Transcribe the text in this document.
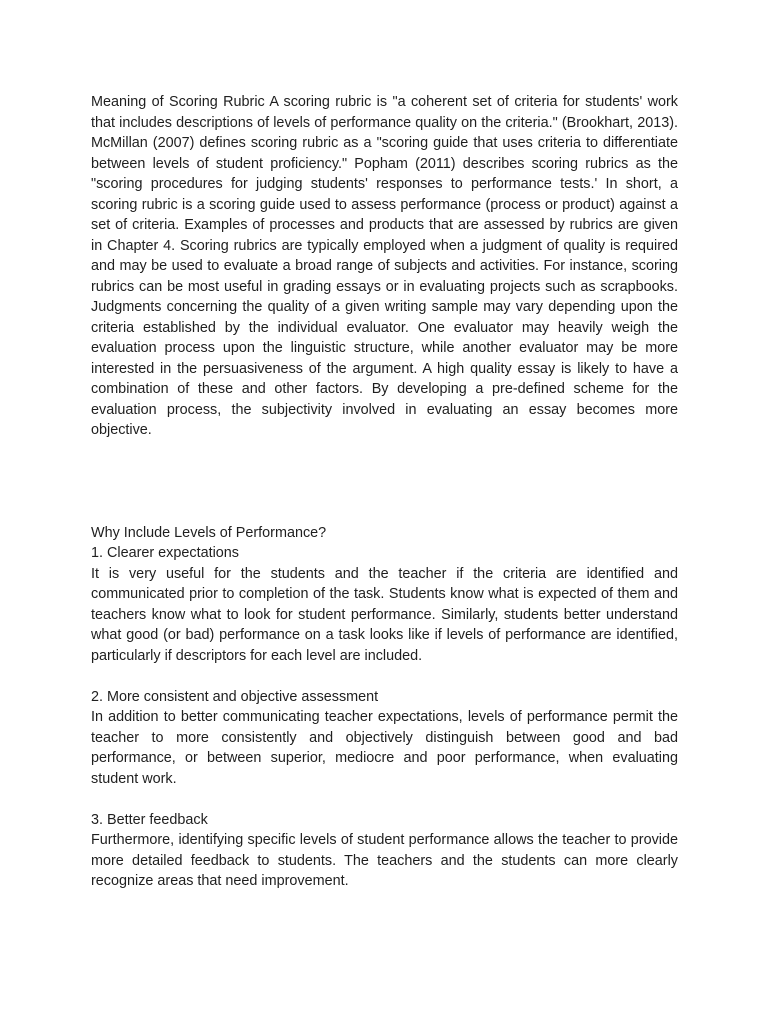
Meaning of Scoring Rubric A scoring rubric is "a coherent set of criteria for students' work that includes descriptions of levels of performance quality on the criteria." (Brookhart, 2013). McMillan (2007) defines scoring rubric as a "scoring guide that uses criteria to differentiate between levels of student proficiency." Popham (2011) describes scoring rubrics as the "scoring procedures for judging students' responses to performance tests.' In short, a scoring rubric is a scoring guide used to assess performance (process or product) against a set of criteria. Examples of processes and products that are assessed by rubrics are given in Chapter 4. Scoring rubrics are typically employed when a judgment of quality is required and may be used to evaluate a broad range of subjects and activities. For instance, scoring rubrics can be most useful in grading essays or in evaluating projects such as scrapbooks. Judgments concerning the quality of a given writing sample may vary depending upon the criteria established by the individual evaluator. One evaluator may heavily weigh the evaluation process upon the linguistic structure, while another evaluator may be more interested in the persuasiveness of the argument. A high quality essay is likely to have a combination of these and other factors. By developing a pre-defined scheme for the evaluation process, the subjectivity involved in evaluating an essay becomes more objective.

Why Include Levels of Performance?

1. Clearer expectations

It is very useful for the students and the teacher if the criteria are identified and communicated prior to completion of the task. Students know what is expected of them and teachers know what to look for student performance. Similarly, students better understand what good (or bad) performance on a task looks like if levels of performance are identified, particularly if descriptors for each level are included.

2. More consistent and objective assessment

In addition to better communicating teacher expectations, levels of performance permit the teacher to more consistently and objectively distinguish between good and bad performance, or between superior, mediocre and poor performance, when evaluating student work.

3. Better feedback

Furthermore, identifying specific levels of student performance allows the teacher to provide more detailed feedback to students. The teachers and the students can more clearly recognize areas that need improvement.
